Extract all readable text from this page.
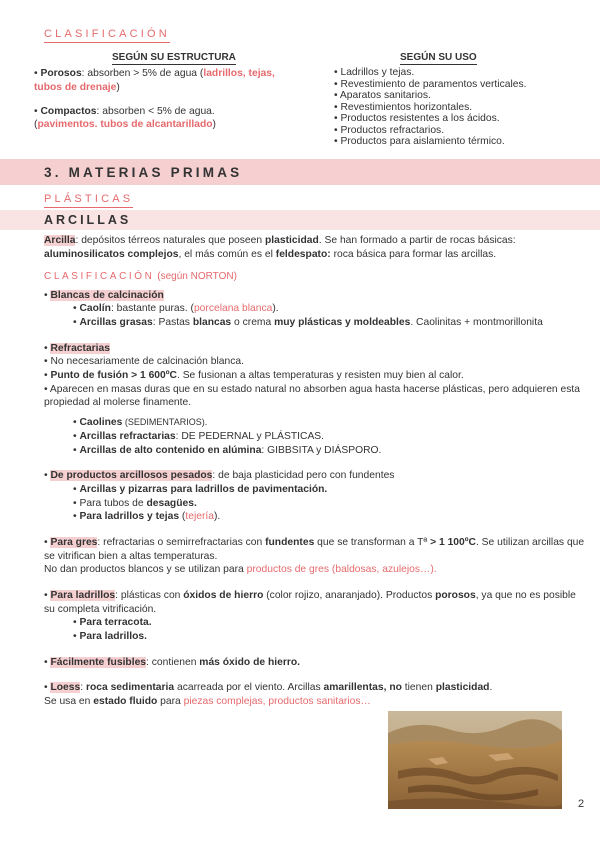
CLASIFICACIÓN
SEGÚN SU ESTRUCTURA

• Porosos: absorben > 5% de agua (ladrillos, tejas, tubos de drenaje)

• Compactos: absorben < 5% de agua.
(pavimentos. tubos de alcantarillado)

SEGÚN SU USO
• Ladrillos y tejas.
• Revestimiento de paramentos verticales.
• Aparatos sanitarios.
• Revestimientos horizontales.
• Productos resistentes a los ácidos.
• Productos refractarios.
• Productos para aislamiento térmico.
3. MATERIAS PRIMAS
PLÁSTICAS
ARCILLAS

Arcilla: depósitos térreos naturales que poseen plasticidad. Se han formado a partir de rocas básicas: aluminosilicatos complejos, el más común es el feldespato: roca básica para formar las arcillas.

CLASIFICACIÓN (según NORTON)

• Blancas de calcinación

• Caolín: bastante puras. (porcelana blanca).

• Arcillas grasas: Pastas blancas o crema muy plásticas y moldeables. Caolinitas + montmorillonita

• Refractarias

• No necesariamente de calcinación blanca.

• Punto de fusión > 1 600ºC. Se fusionan a altas temperaturas y resisten muy bien al calor.

• Aparecen en masas duras que en su estado natural no absorben agua hasta hacerse plásticas, pero adquieren esta propiedad al molerse finamente.

• Caolines (SEDIMENTARIOS).

• Arcillas refractarias: DE PEDERNAL y PLÁSTICAS.

• Arcillas de alto contenido en alúmina: GIBBSITA y DIÁSPORO.

• De productos arcillosos pesados: de baja plasticidad pero con fundentes

• Arcillas y pizarras para ladrillos de pavimentación.

• Para tubos de desagües.

• Para ladrillos y tejas (tejería).

• Para gres: refractarias o semirrefractarias con fundentes que se transforman a Tª > 1 100ºC. Se utilizan arcillas que se vitrifican bien a altas temperaturas.

No dan productos blancos y se utilizan para productos de gres (baldosas, azulejos…).

• Para ladrillos: plásticas con óxidos de hierro (color rojizo, anaranjado). Productos porosos, ya que no es posible su completa vitrificación.

• Para terracota.

• Para ladrillos.

• Fácilmente fusibles: contienen más óxido de hierro.

• Loess: roca sedimentaria acarreada por el viento. Arcillas amarillentas, no tienen plasticidad.

Se usa en estado fluido para piezas complejas, productos sanitarios…

2
